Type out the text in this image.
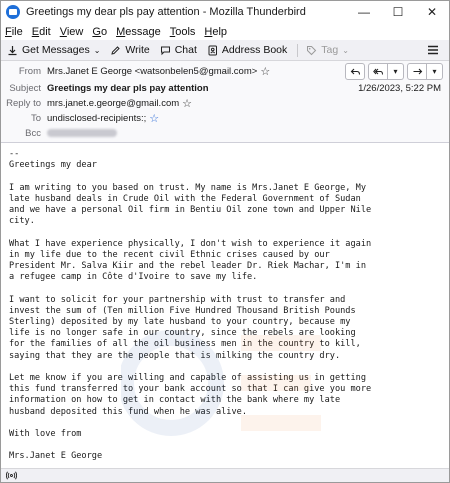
Greetings my dear pls pay attention - Mozilla Thunderbird	—	☐	✕
File Edit View Go Message Tools Help
Get Messages ⌄ Write Chat Address Book	Tag ⌄
From Mrs.Janet E George <watsonbelen5@gmail.com> ☆	▾	▾
Subject Greetings my dear pls pay attention	1/26/2023, 5:22 PM
Reply to mrs.janet.e.george@gmail.com ☆
To undisclosed-recipients:; ☆
Bcc
--
Greetings my dear

I am writing to you based on trust. My name is Mrs.Janet E George, My
late husband deals in Crude Oil with the Federal Government of Sudan
and we have a personal Oil firm in Bentiu Oil zone town and Upper Nile
city.

What I have experience physically, I don't wish to experience it again
in my life due to the recent civil Ethnic crises caused by our
President Mr. Salva Kiir and the rebel leader Dr. Riek Machar, I'm in
a refugee camp in Côte d'Ivoire to save my life.

I want to solicit for your partnership with trust to transfer and
invest the sum of (Ten million Five Hundred Thousand British Pounds
Sterling) deposited by my late husband to your country, because my
life is no longer safe in our country, since the rebels are looking
for the families of all the oil business men in the country to kill,
saying that they are the people that is milking the country dry.

Let me know if you are willing and capable of assisting us in getting
this fund transferred to your bank account so that I can give you more
information on how to get in contact with the bank where my late
husband deposited this fund when he was alive.

With love from

Mrs.Janet E George
